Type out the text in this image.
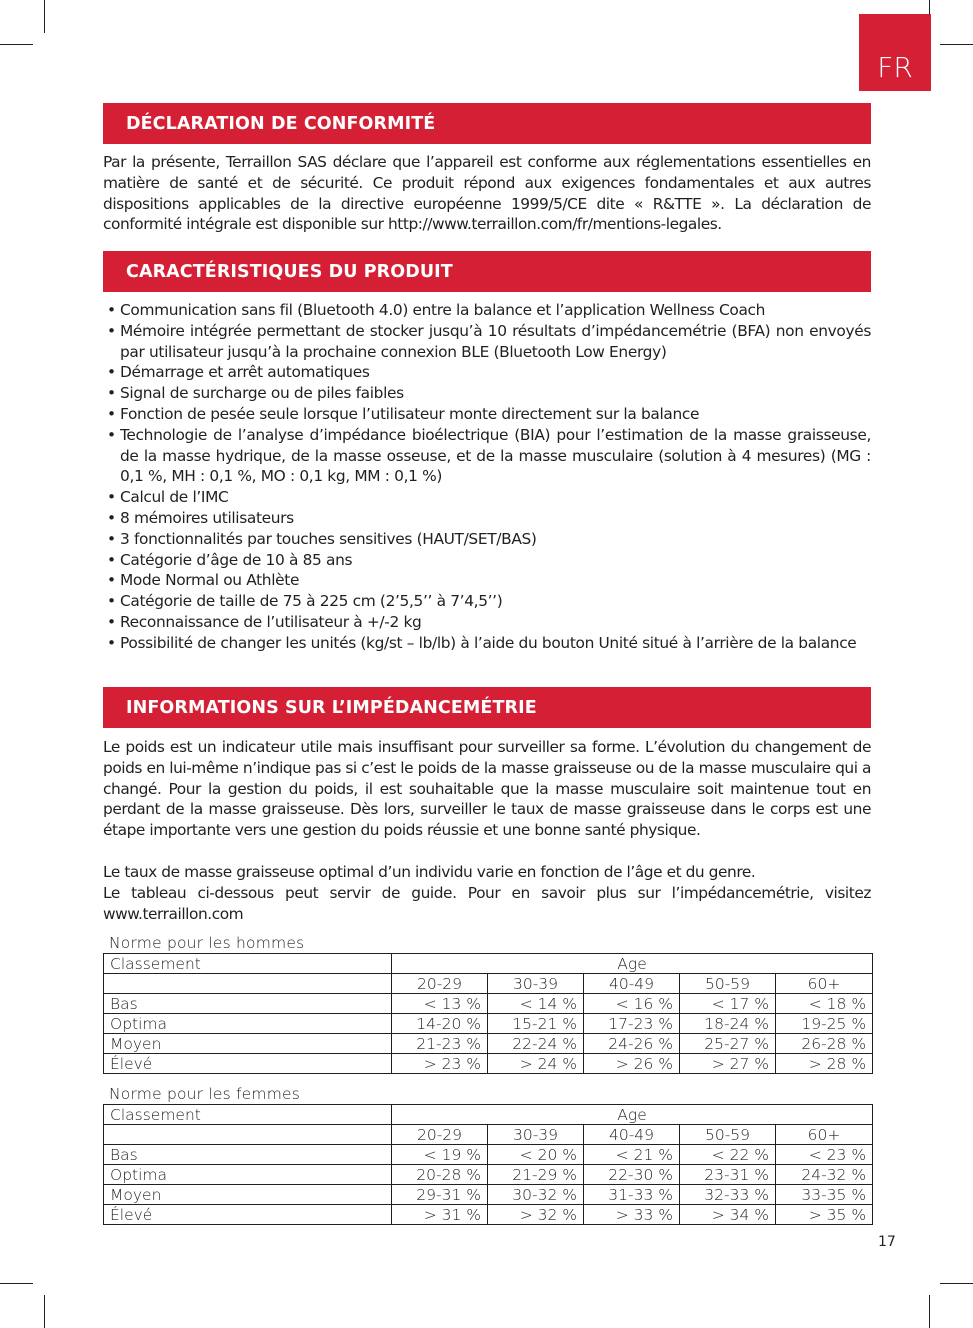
FR
DÉCLARATION DE CONFORMITÉ

Par la présente, Terraillon SAS déclare que l’appareil est conforme aux réglementations essentielles en matière de santé et de sécurité. Ce produit répond aux exigences fondamentales et aux autres dispositions applicables de la directive européenne 1999/5/CE dite « R&TTE ». La déclaration de conformité intégrale est disponible sur http://www.terraillon.com/fr/mentions-legales.

CARACTÉRISTIQUES DU PRODUIT
• Communication sans fil (Bluetooth 4.0) entre la balance et l’application Wellness Coach
• Mémoire intégrée permettant de stocker jusqu’à 10 résultats d’impédancemétrie (BFA) non envoyés par utilisateur jusqu’à la prochaine connexion BLE (Bluetooth Low Energy)
• Démarrage et arrêt automatiques
• Signal de surcharge ou de piles faibles
• Fonction de pesée seule lorsque l’utilisateur monte directement sur la balance
• Technologie de l’analyse d’impédance bioélectrique (BIA) pour l’estimation de la masse graisseuse, de la masse hydrique, de la masse osseuse, et de la masse musculaire (solution à 4 mesures) (MG : 0,1 %, MH : 0,1 %, MO : 0,1 kg, MM : 0,1 %)
• Calcul de l’IMC
• 8 mémoires utilisateurs
• 3 fonctionnalités par touches sensitives (HAUT/SET/BAS)
• Catégorie d’âge de 10 à 85 ans
• Mode Normal ou Athlète
• Catégorie de taille de 75 à 225 cm (2’5,5’’ à 7’4,5’’)
• Reconnaissance de l’utilisateur à +/-2 kg
• Possibilité de changer les unités (kg/st – lb/lb) à l’aide du bouton Unité situé à l’arrière de la balance
INFORMATIONS SUR L’IMPÉDANCEMÉTRIE

Le poids est un indicateur utile mais insuffisant pour surveiller sa forme. L’évolution du changement de poids en lui-même n’indique pas si c’est le poids de la masse graisseuse ou de la masse musculaire qui a changé. Pour la gestion du poids, il est souhaitable que la masse musculaire soit maintenue tout en perdant de la masse graisseuse. Dès lors, surveiller le taux de masse graisseuse dans le corps est une étape importante vers une gestion du poids réussie et une bonne santé physique.

Le taux de masse graisseuse optimal d’un individu varie en fonction de l’âge et du genre.

Le tableau ci-dessous peut servir de guide. Pour en savoir plus sur l’impédancemétrie, visitez www.terraillon.com

Norme pour les hommes
Classement	Age				
	20-29	30-39	40-49	50-59	60+
Bas	< 13 %	< 14 %	< 16 %	< 17 %	< 18 %
Optima	14-20 %	15-21 %	17-23 %	18-24 %	19-25 %
Moyen	21-23 %	22-24 %	24-26 %	25-27 %	26-28 %
Élevé	> 23 %	> 24 %	> 26 %	> 27 %	> 28 %
Norme pour les femmes
Classement	Age				
	20-29	30-39	40-49	50-59	60+
Bas	< 19 %	< 20 %	< 21 %	< 22 %	< 23 %
Optima	20-28 %	21-29 %	22-30 %	23-31 %	24-32 %
Moyen	29-31 %	30-32 %	31-33 %	32-33 %	33-35 %
Élevé	> 31 %	> 32 %	> 33 %	> 34 %	> 35 %
17
